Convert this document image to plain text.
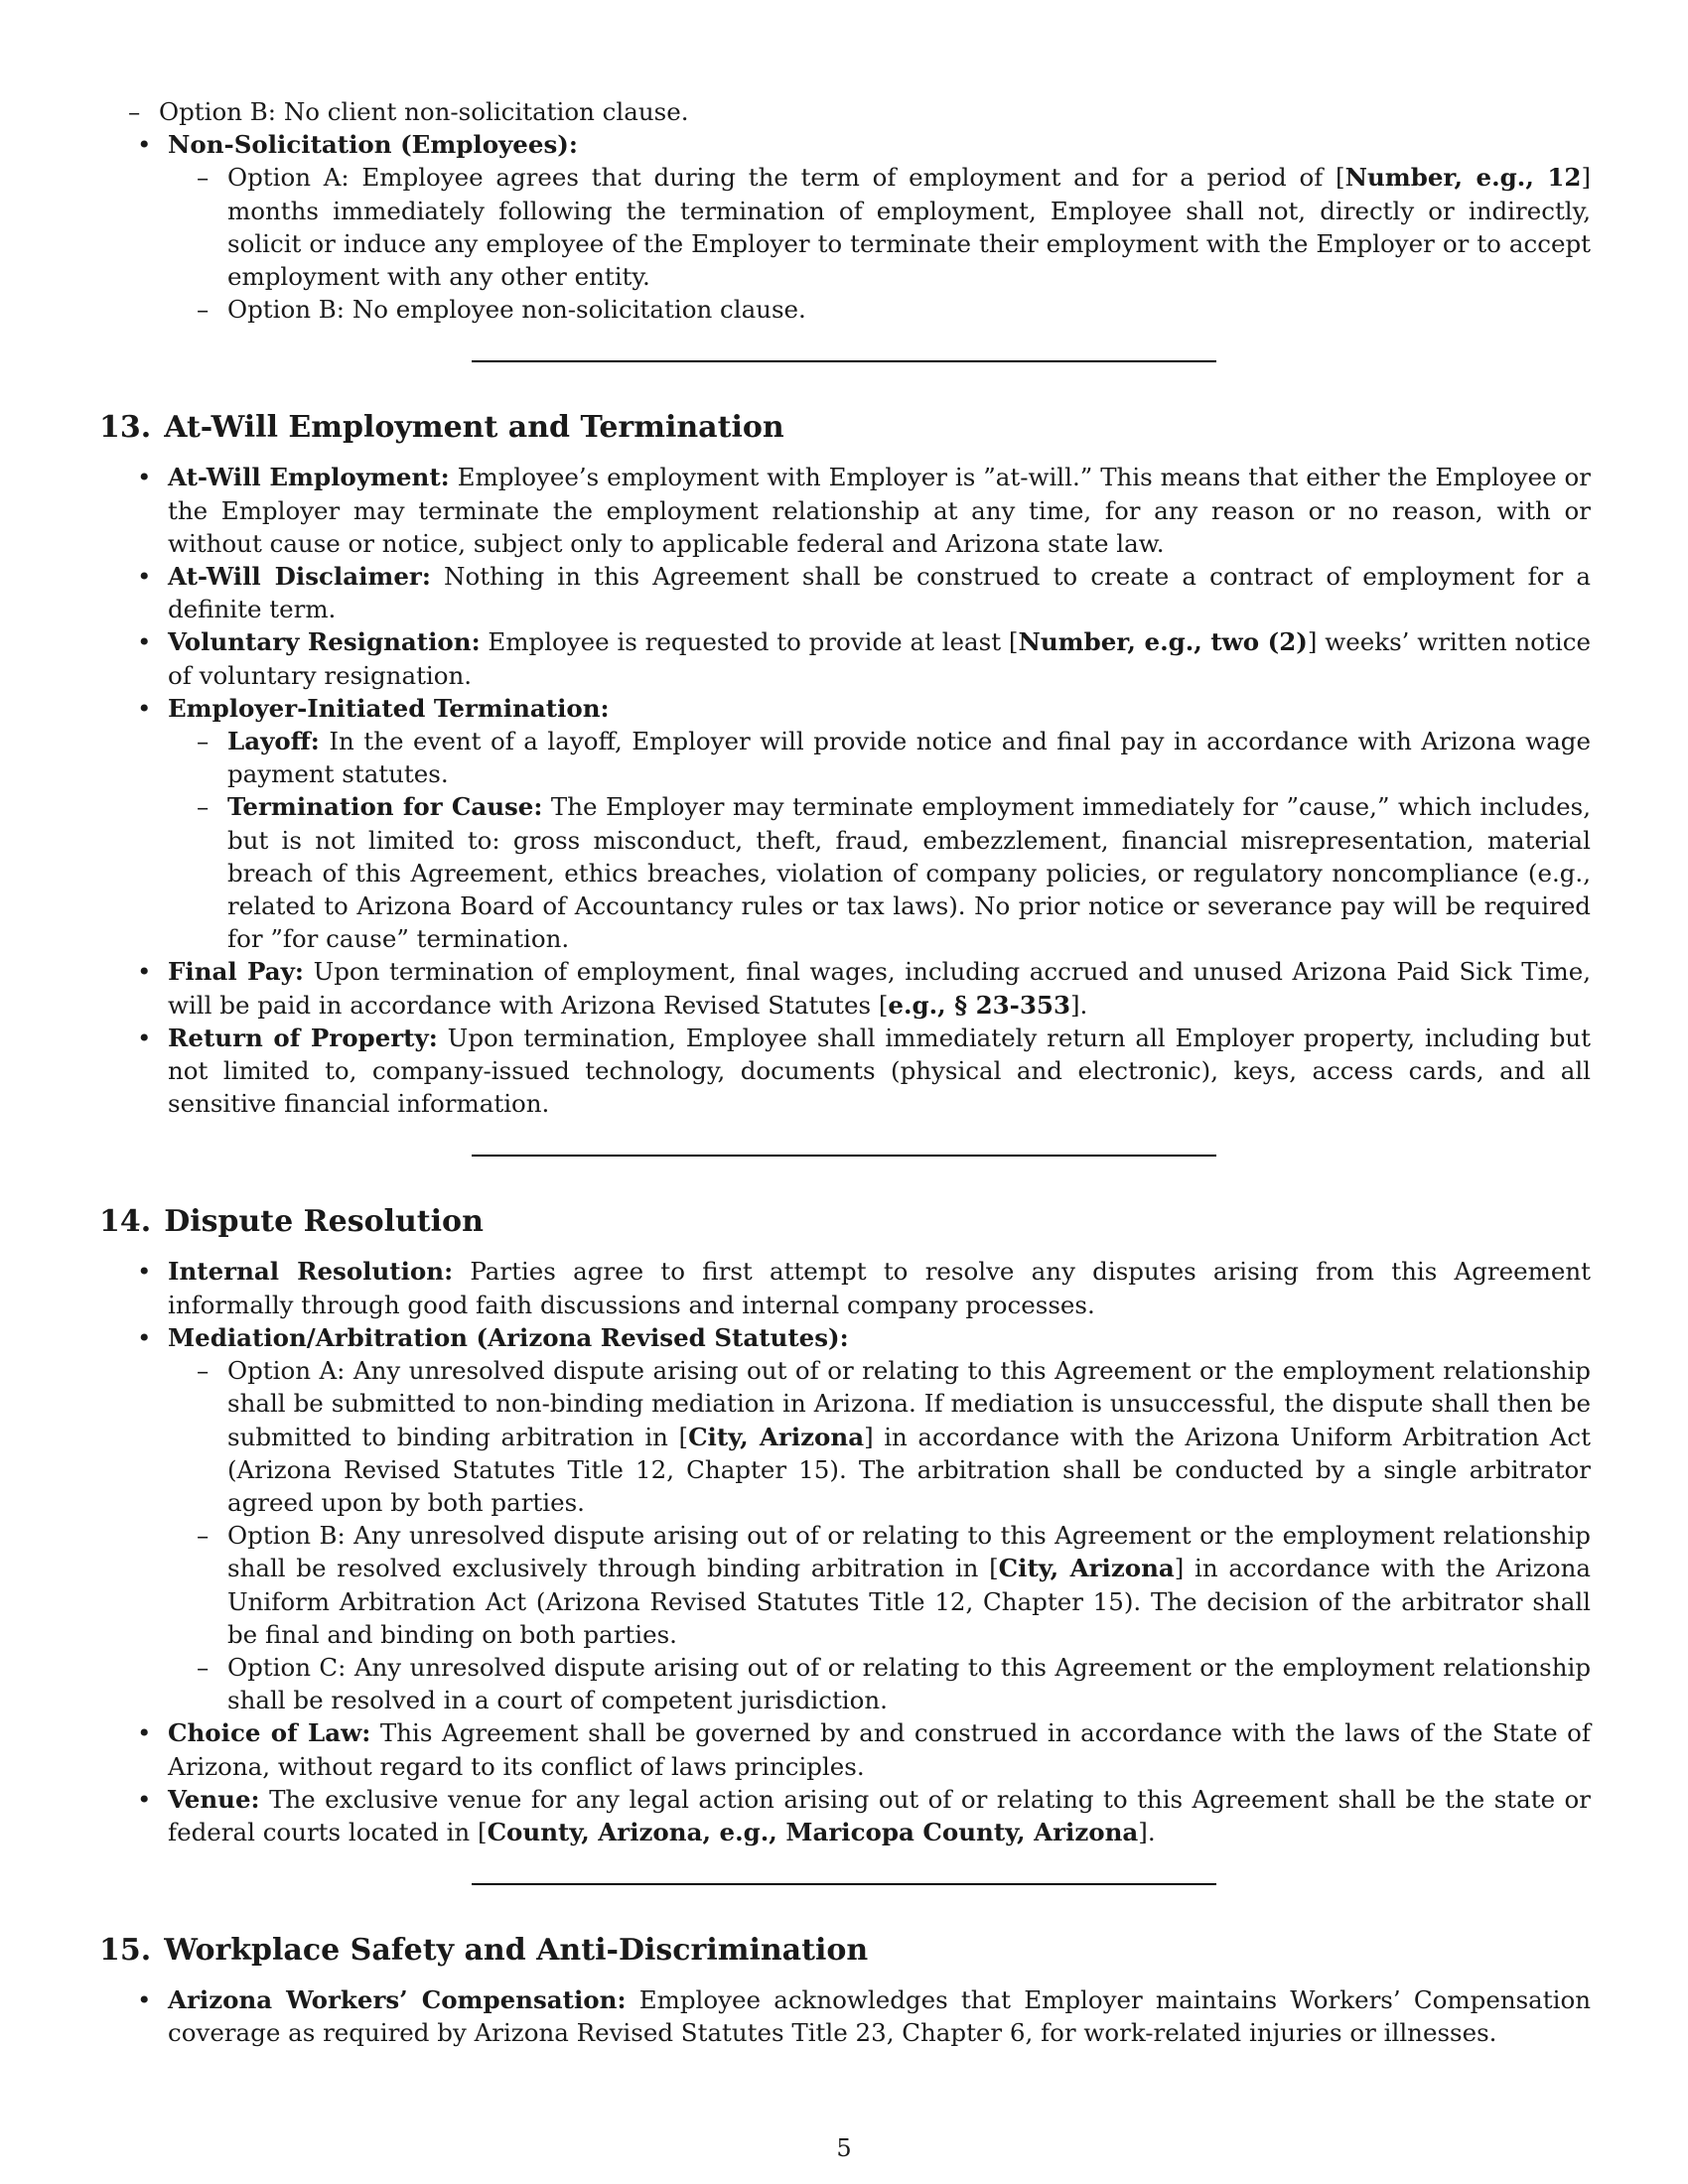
– Option B: No client non-solicitation clause.
• Non-Solicitation (Employees):
– Option A: Employee agrees that during the term of employment and for a period of [Number, e.g., 12] months immediately following the termination of employment, Employee shall not, directly or indirectly, solicit or induce any employee of the Employer to terminate their employment with the Employer or to accept employment with any other entity.
– Option B: No employee non-solicitation clause.
13. At-Will Employment and Termination
• At-Will Employment: Employee’s employment with Employer is ”at-will.” This means that either the Employee or the Employer may terminate the employment relationship at any time, for any reason or no reason, with or without cause or notice, subject only to applicable federal and Arizona state law.
• At-Will Disclaimer: Nothing in this Agreement shall be construed to create a contract of employment for a definite term.
• Voluntary Resignation: Employee is requested to provide at least [Number, e.g., two (2)] weeks’ written notice of voluntary resignation.
• Employer-Initiated Termination:
– Layoff: In the event of a layoff, Employer will provide notice and final pay in accordance with Arizona wage payment statutes.
– Termination for Cause: The Employer may terminate employment immediately for ”cause,” which includes, but is not limited to: gross misconduct, theft, fraud, embezzlement, financial misrepresentation, material breach of this Agreement, ethics breaches, violation of company policies, or regulatory noncompliance (e.g., related to Arizona Board of Accountancy rules or tax laws). No prior notice or severance pay will be required for ”for cause” termination.
• Final Pay: Upon termination of employment, final wages, including accrued and unused Arizona Paid Sick Time, will be paid in accordance with Arizona Revised Statutes [e.g., § 23-353].
• Return of Property: Upon termination, Employee shall immediately return all Employer property, including but not limited to, company-issued technology, documents (physical and electronic), keys, access cards, and all sensitive financial information.
14. Dispute Resolution
• Internal Resolution: Parties agree to first attempt to resolve any disputes arising from this Agreement informally through good faith discussions and internal company processes.
• Mediation/Arbitration (Arizona Revised Statutes):
– Option A: Any unresolved dispute arising out of or relating to this Agreement or the employment relationship shall be submitted to non-binding mediation in Arizona. If mediation is unsuccessful, the dispute shall then be submitted to binding arbitration in [City, Arizona] in accordance with the Arizona Uniform Arbitration Act (Arizona Revised Statutes Title 12, Chapter 15). The arbitration shall be conducted by a single arbitrator agreed upon by both parties.
– Option B: Any unresolved dispute arising out of or relating to this Agreement or the employment relationship shall be resolved exclusively through binding arbitration in [City, Arizona] in accordance with the Arizona Uniform Arbitration Act (Arizona Revised Statutes Title 12, Chapter 15). The decision of the arbitrator shall be final and binding on both parties.
– Option C: Any unresolved dispute arising out of or relating to this Agreement or the employment relationship shall be resolved in a court of competent jurisdiction.
• Choice of Law: This Agreement shall be governed by and construed in accordance with the laws of the State of Arizona, without regard to its conflict of laws principles.
• Venue: The exclusive venue for any legal action arising out of or relating to this Agreement shall be the state or federal courts located in [County, Arizona, e.g., Maricopa County, Arizona].
15. Workplace Safety and Anti-Discrimination
• Arizona Workers’ Compensation: Employee acknowledges that Employer maintains Workers’ Compensation coverage as required by Arizona Revised Statutes Title 23, Chapter 6, for work-related injuries or illnesses.
5
